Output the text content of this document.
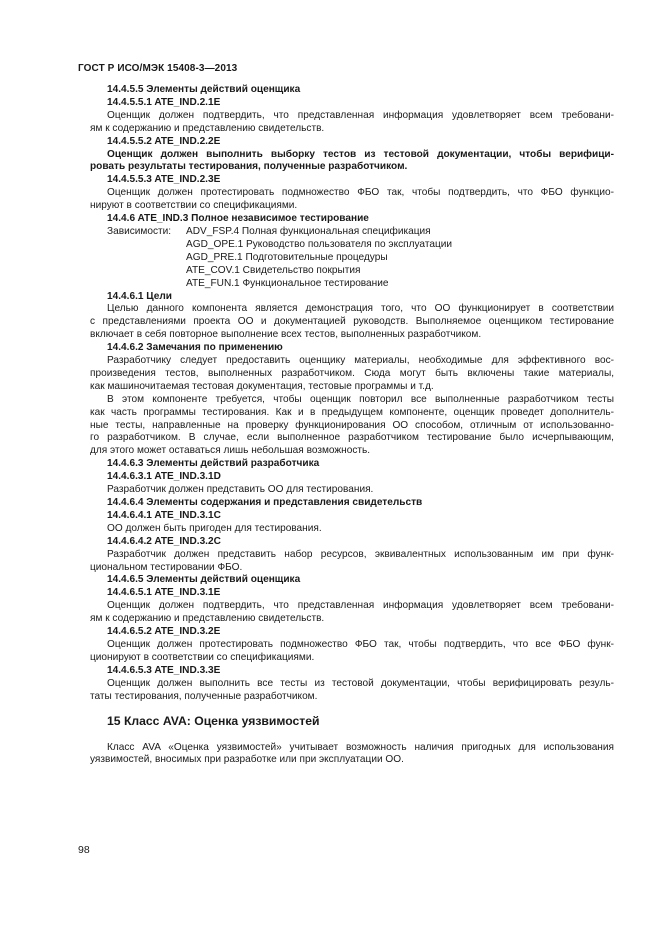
ГОСТ Р ИСО/МЭК 15408-3—2013
14.4.5.5 Элементы действий оценщика
14.4.5.5.1 ATE_IND.2.1E
Оценщик должен подтвердить, что представленная информация удовлетворяет всем требовани-
ям к содержанию и представлению свидетельств.
14.4.5.5.2 ATE_IND.2.2E
Оценщик должен выполнить выборку тестов из тестовой документации, чтобы верифици-
ровать результаты тестирования, полученные разработчиком.
14.4.5.5.3 ATE_IND.2.3E
Оценщик должен протестировать подмножество ФБО так, чтобы подтвердить, что ФБО функцио-
нируют в соответствии со спецификациями.
14.4.6 ATE_IND.3 Полное независимое тестирование
Зависимости:	ADV_FSP.4 Полная функциональная спецификация
AGD_OPE.1 Руководство пользователя по эксплуатации
AGD_PRE.1 Подготовительные процедуры
ATE_COV.1 Свидетельство покрытия
ATE_FUN.1 Функциональное тестирование
14.4.6.1 Цели
Целью данного компонента является демонстрация того, что ОО функционирует в соответствии
с представлениями проекта ОО и документацией руководств. Выполняемое оценщиком тестирование
включает в себя повторное выполнение всех тестов, выполненных разработчиком.
14.4.6.2 Замечания по применению
Разработчику следует предоставить оценщику материалы, необходимые для эффективного вос-
произведения тестов, выполненных разработчиком. Сюда могут быть включены такие материалы,
как машиночитаемая тестовая документация, тестовые программы и т.д.
В этом компоненте требуется, чтобы оценщик повторил все выполненные разработчиком тесты
как часть программы тестирования. Как и в предыдущем компоненте, оценщик проведет дополнитель-
ные тесты, направленные на проверку функционирования ОО способом, отличным от использованно-
го разработчиком. В случае, если выполненное разработчиком тестирование было исчерпывающим,
для этого может оставаться лишь небольшая возможность.
14.4.6.3 Элементы действий разработчика
14.4.6.3.1 ATE_IND.3.1D
Разработчик должен представить ОО для тестирования.
14.4.6.4 Элементы содержания и представления свидетельств
14.4.6.4.1 ATE_IND.3.1C
ОО должен быть пригоден для тестирования.
14.4.6.4.2 ATE_IND.3.2C
Разработчик должен представить набор ресурсов, эквивалентных использованным им при функ-
циональном тестировании ФБО.
14.4.6.5 Элементы действий оценщика
14.4.6.5.1 ATE_IND.3.1E
Оценщик должен подтвердить, что представленная информация удовлетворяет всем требовани-
ям к содержанию и представлению свидетельств.
14.4.6.5.2 ATE_IND.3.2E
Оценщик должен протестировать подмножество ФБО так, чтобы подтвердить, что все ФБО функ-
ционируют в соответствии со спецификациями.
14.4.6.5.3 ATE_IND.3.3E
Оценщик должен выполнить все тесты из тестовой документации, чтобы верифицировать резуль-
таты тестирования, полученные разработчиком.
15 Класс AVA: Оценка уязвимостей
Класс AVA «Оценка уязвимостей» учитывает возможность наличия пригодных для использования
уязвимостей, вносимых при разработке или при эксплуатации ОО.
98
